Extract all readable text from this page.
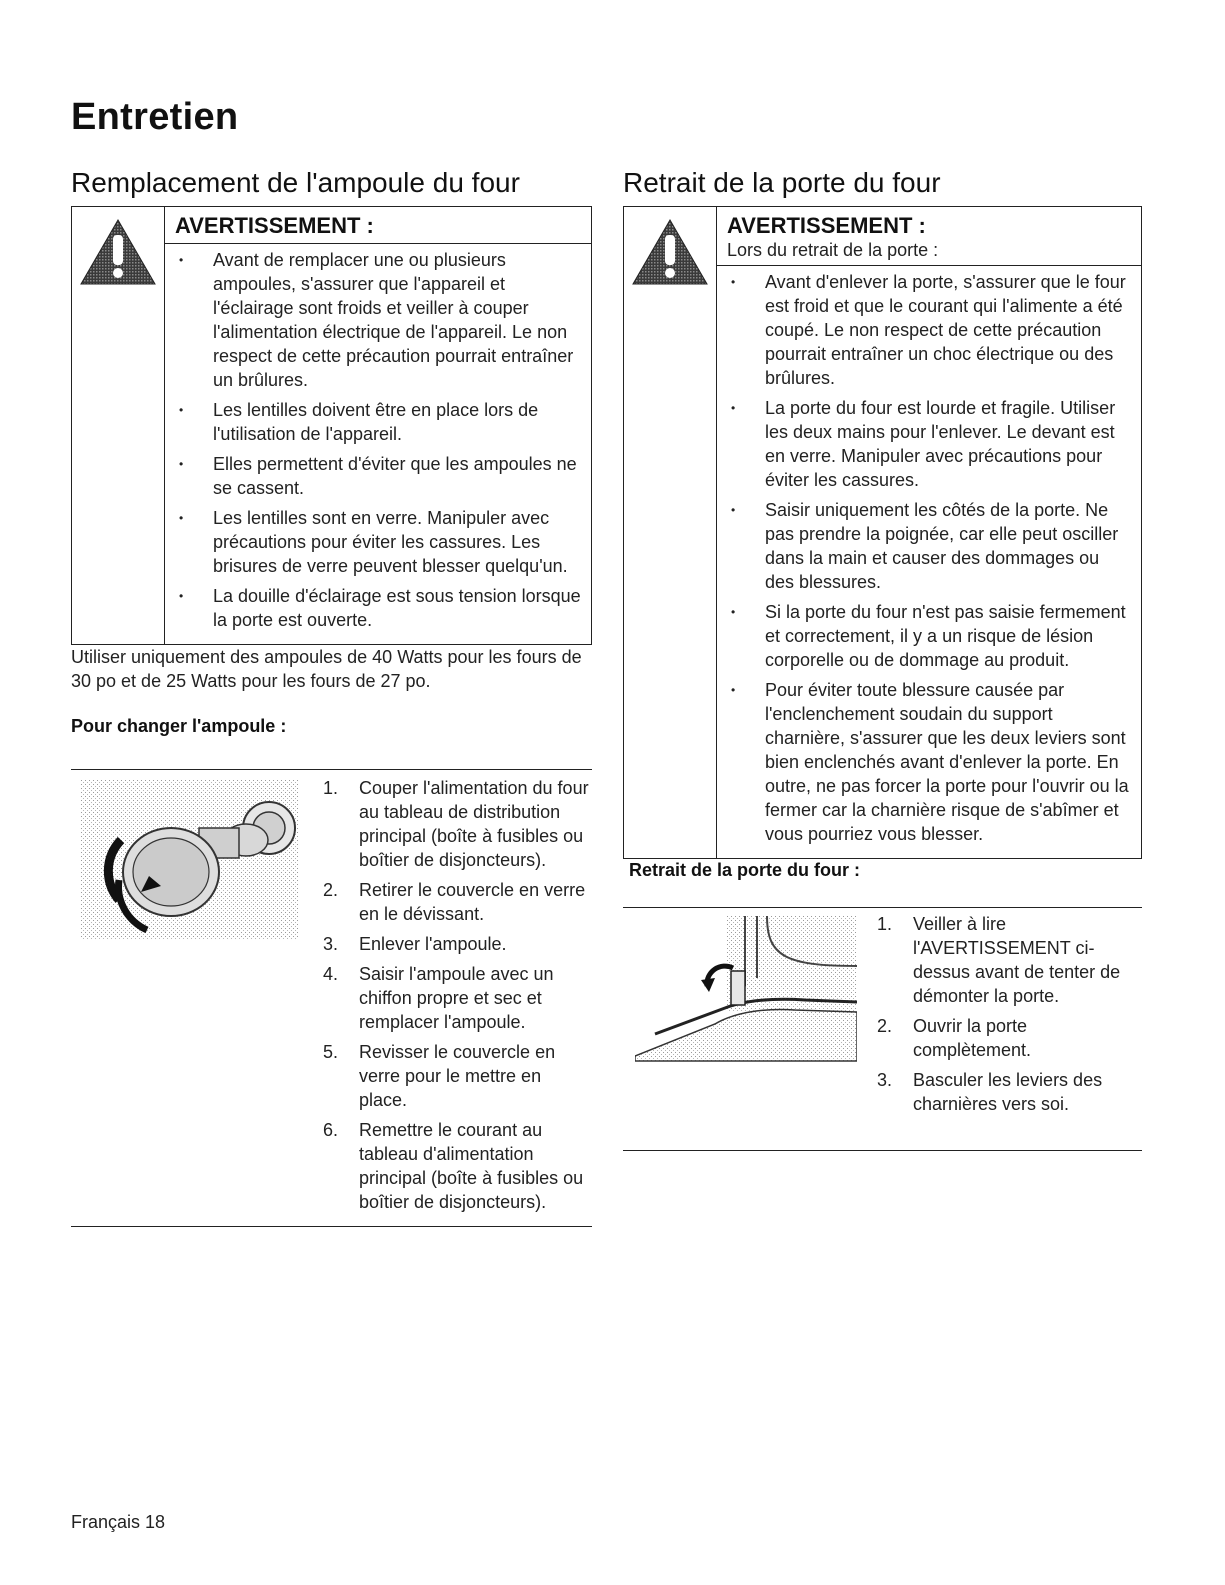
Entretien
Remplacement de l'ampoule du four
AVERTISSEMENT :
• Avant de remplacer une ou plusieurs ampoules, s'assurer que l'appareil et l'éclairage sont froids et veiller à couper l'alimentation électrique de l'appareil. Le non respect de cette précaution pourrait entraîner un brûlures.
• Les lentilles doivent être en place lors de l'utilisation de l'appareil.
• Elles permettent d'éviter que les ampoules ne se cassent.
• Les lentilles sont en verre. Manipuler avec précautions pour éviter les cassures. Les brisures de verre peuvent blesser quelqu'un.
• La douille d'éclairage est sous tension lorsque la porte est ouverte.

Utiliser uniquement des ampoules de 40 Watts pour les fours de 30 po et de 25 Watts pour les fours de 27 po.

Pour changer l'ampoule :

1. Couper l'alimentation du four au tableau de distribution principal (boîte à fusibles ou boîtier de disjoncteurs).
2. Retirer le couvercle en verre en le dévissant.
3. Enlever l'ampoule.
4. Saisir l'ampoule avec un chiffon propre et sec et remplacer l'ampoule.
5. Revisser le couvercle en verre pour le mettre en place.
6. Remettre le courant au tableau d'alimentation principal (boîte à fusibles ou boîtier de disjoncteurs).
Retrait de la porte du four
AVERTISSEMENT :
Lors du retrait de la porte :
• Avant d'enlever la porte, s'assurer que le four est froid et que le courant qui l'alimente a été coupé. Le non respect de cette précaution pourrait entraîner un choc électrique ou des brûlures.
• La porte du four est lourde et fragile. Utiliser les deux mains pour l'enlever. Le devant est en verre. Manipuler avec précautions pour éviter les cassures.
• Saisir uniquement les côtés de la porte. Ne pas prendre la poignée, car elle peut osciller dans la main et causer des dommages ou des blessures.
• Si la porte du four n'est pas saisie fermement et correctement, il y a un risque de lésion corporelle ou de dommage au produit.
• Pour éviter toute blessure causée par l'enclenchement soudain du support charnière, s'assurer que les deux leviers sont bien enclenchés avant d'enlever la porte. En outre, ne pas forcer la porte pour l'ouvrir ou la fermer car la charnière risque de s'abîmer et vous pourriez vous blesser.

Retrait de la porte du four :

1. Veiller à lire l'AVERTISSEMENT ci-dessus avant de tenter de démonter la porte.
2. Ouvrir la porte complètement.
3. Basculer les leviers des charnières vers soi.
Français 18
